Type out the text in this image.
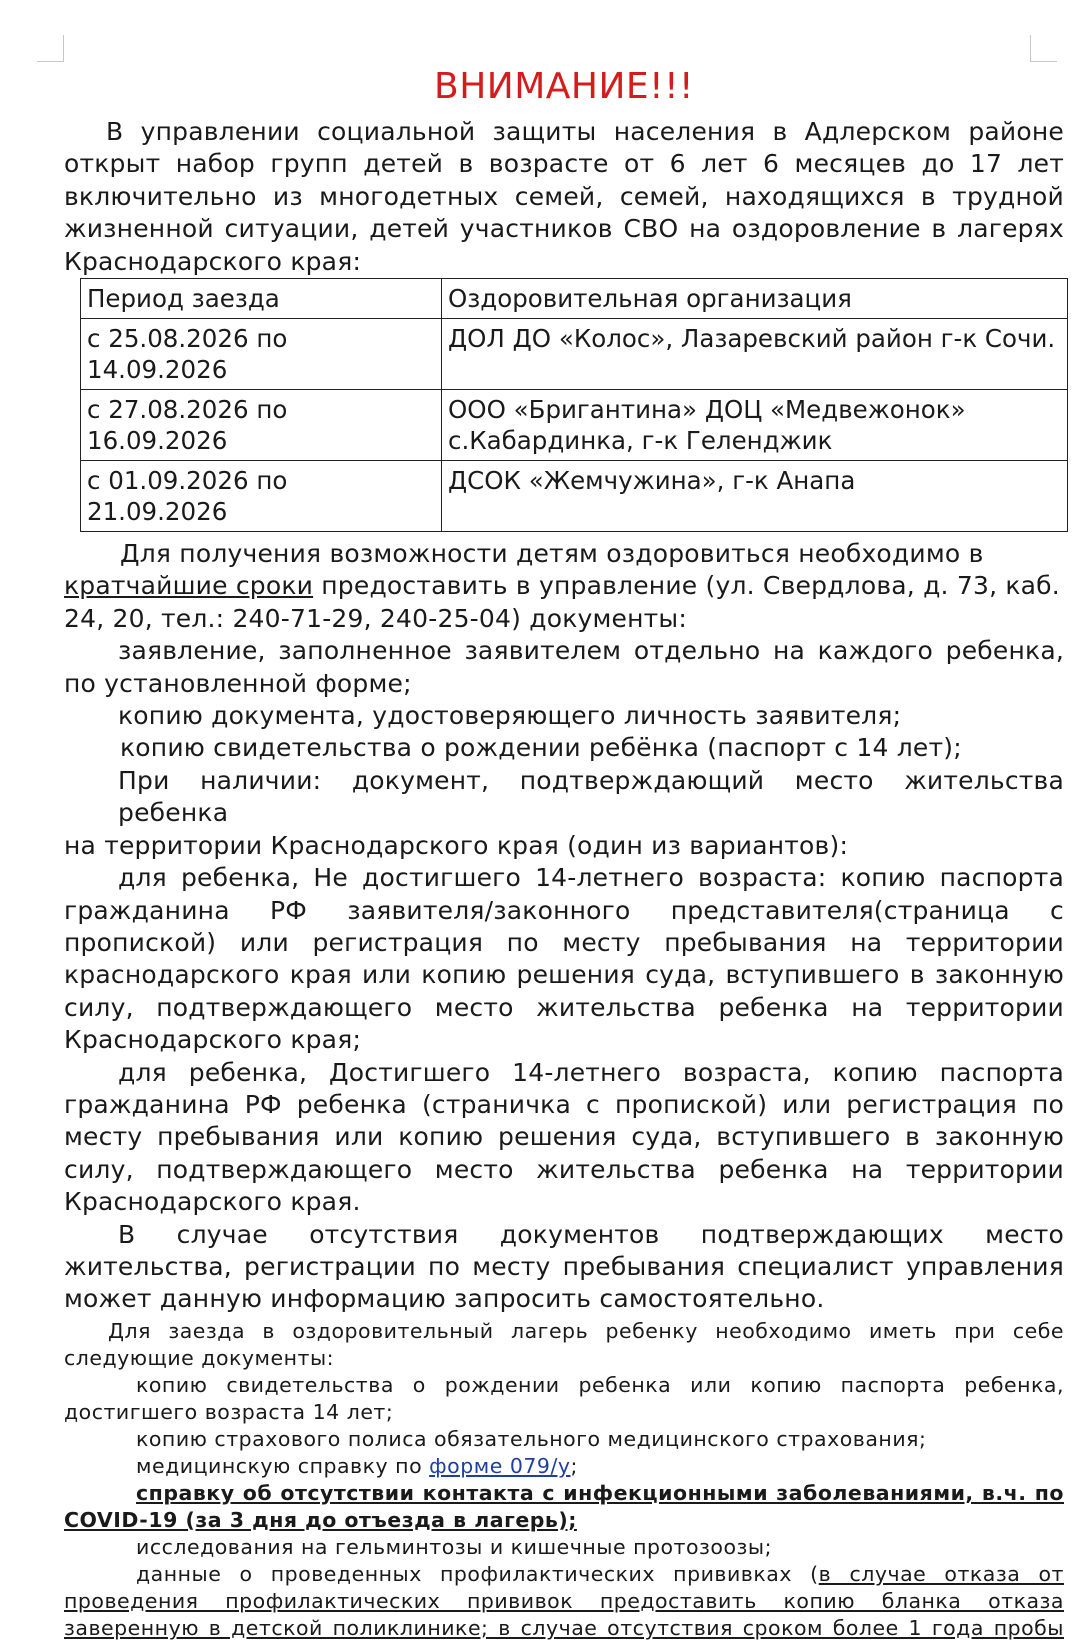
ВНИМАНИЕ!!!

В управлении социальной защиты населения в Адлерском районе

открыт набор групп детей в возрасте от 6 лет 6 месяцев до 17 лет

включительно из многодетных семей, семей, находящихся в трудной

жизненной ситуации, детей участников СВО на оздоровление в лагерях

Краснодарского края:

Период заезда	Оздоровительная организация
с 25.08.2026 по 14.09.2026	ДОЛ ДО «Колос», Лазаревский район г-к Сочи.
с 27.08.2026 по 16.09.2026	ООО «Бригантина» ДОЦ «Медвежонок» с.Кабардинка, г-к Геленджик
с 01.09.2026 по 21.09.2026	ДСОК «Жемчужина», г-к Анапа

Для получения возможности детям оздоровиться необходимо в

кратчайшие сроки предоставить в управление (ул. Свердлова, д. 73, каб.

24, 20, тел.: 240-71-29, 240-25-04) документы:

заявление, заполненное заявителем отдельно на каждого ребенка,

по установленной форме;

копию документа, удостоверяющего личность заявителя;

копию свидетельства о рождении ребёнка (паспорт с 14 лет);

При наличии: документ, подтверждающий место жительства ребенка

на территории Краснодарского края (один из вариантов):

для ребенка, Не достигшего 14-летнего возраста: копию паспорта

гражданина РФ заявителя/законного представителя(страница с

пропиской) или регистрация по месту пребывания на территории

краснодарского края или копию решения суда, вступившего в законную

силу, подтверждающего место жительства ребенка на территории

Краснодарского края;

для ребенка, Достигшего 14-летнего возраста, копию паспорта

гражданина РФ ребенка (страничка с пропиской) или регистрация по

месту пребывания или копию решения суда, вступившего в законную

силу, подтверждающего место жительства ребенка на территории

Краснодарского края.

В случае отсутствия документов подтверждающих место

жительства, регистрации по месту пребывания специалист управления

может данную информацию запросить самостоятельно.

Для заезда в оздоровительный лагерь ребенку необходимо иметь при себе

следующие документы:

копию свидетельства о рождении ребенка или копию паспорта ребенка,

достигшего возраста 14 лет;

копию страхового полиса обязательного медицинского страхования;

медицинскую справку по форме 079/у;

справку об отсутствии контакта с инфекционными заболеваниями, в.ч. по

COVID-19 (за 3 дня до отъезда в лагерь);

исследования на гельминтозы и кишечные протозоозы;

данные о проведенных профилактических прививках (в случае отказа от

проведения профилактических прививок предоставить копию бланка отказа

заверенную в детской поликлинике; в случае отсутствия сроком более 1 года пробы
